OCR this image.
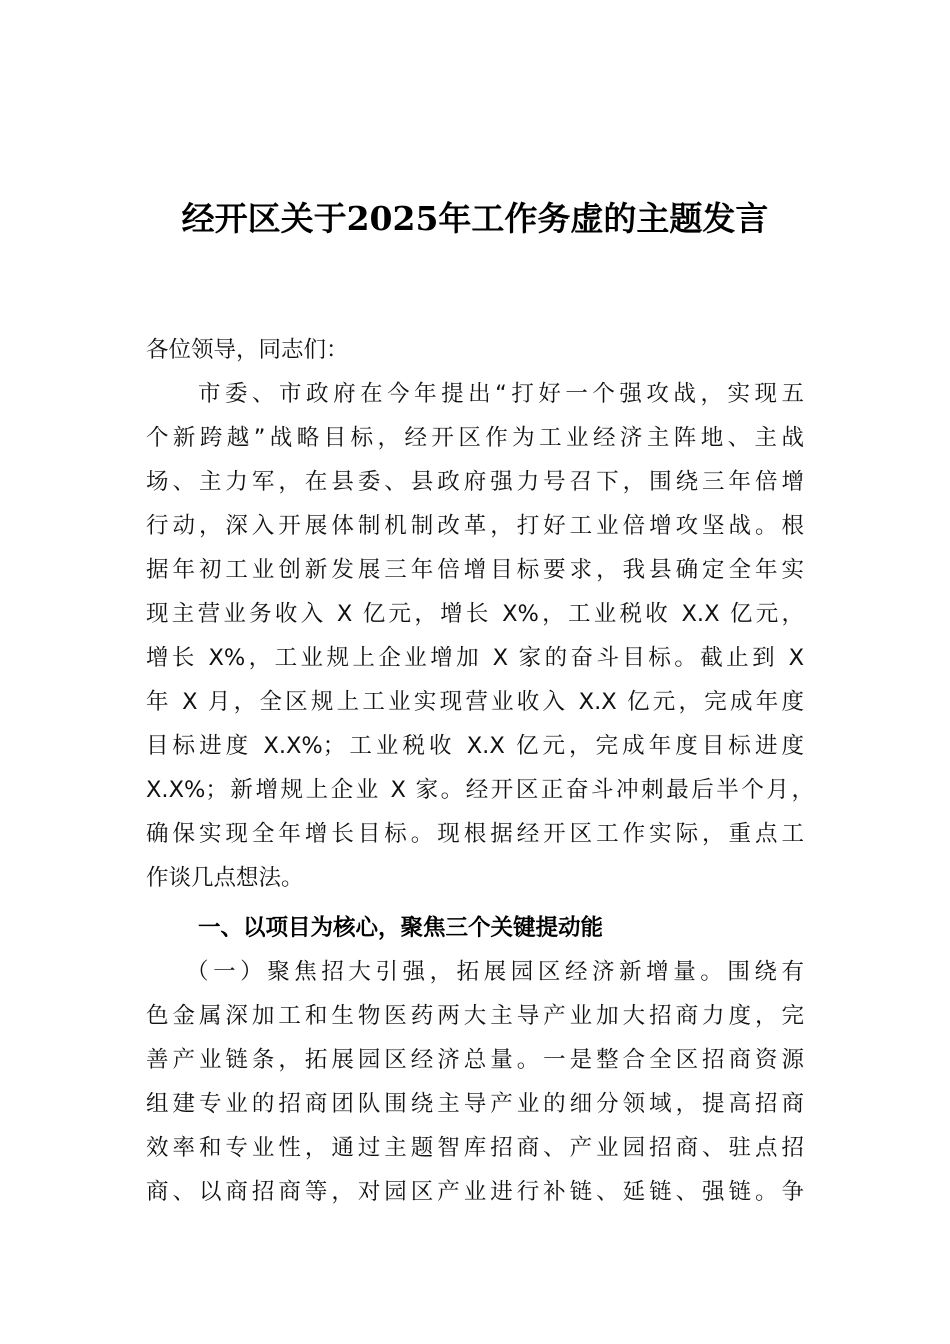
经开区关于2025年工作务虚的主题发言
各位领导，同志们：
市委、市政府在今年提出“打好一个强攻战，实现五
个新跨越”战略目标，经开区作为工业经济主阵地、主战
场、主力军，在县委、县政府强力号召下，围绕三年倍增
行动，深入开展体制机制改革，打好工业倍增攻坚战。根
据年初工业创新发展三年倍增目标要求，我县确定全年实
现主营业务收入 X 亿元，增长 X%，工业税收 X.X 亿元，
增长 X%，工业规上企业增加 X 家的奋斗目标。截止到 X
年 X 月，全区规上工业实现营业收入 X.X 亿元，完成年度
目标进度 X.X%；工业税收 X.X 亿元，完成年度目标进度
X.X%；新增规上企业 X 家。经开区正奋斗冲刺最后半个月，
确保实现全年增长目标。现根据经开区工作实际，重点工
作谈几点想法。
一、以项目为核心，聚焦三个关键提动能
（一）聚焦招大引强，拓展园区经济新增量。围绕有
色金属深加工和生物医药两大主导产业加大招商力度，完
善产业链条，拓展园区经济总量。一是整合全区招商资源
组建专业的招商团队围绕主导产业的细分领域，提高招商
效率和专业性，通过主题智库招商、产业园招商、驻点招
商、以商招商等，对园区产业进行补链、延链、强链。争
